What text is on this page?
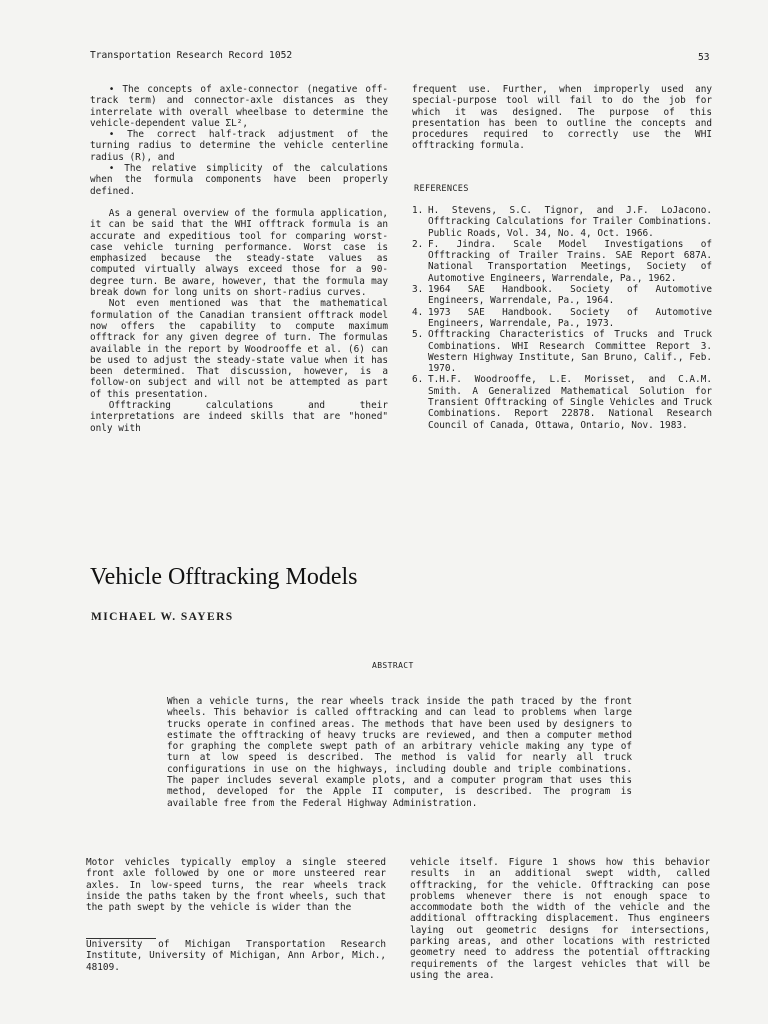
Transportation Research Record 1052	53

• The concepts of axle-connector (negative off-track term) and connector-axle distances as they interrelate with overall wheelbase to determine the vehicle-dependent value ΣL²,

• The correct half-track adjustment of the turning radius to determine the vehicle centerline radius (R), and

• The relative simplicity of the calculations when the formula components have been properly defined.

As a general overview of the formula application, it can be said that the WHI offtrack formula is an accurate and expeditious tool for comparing worst-case vehicle turning performance. Worst case is emphasized because the steady-state values as computed virtually always exceed those for a 90-degree turn. Be aware, however, that the formula may break down for long units on short-radius curves.

Not even mentioned was that the mathematical formulation of the Canadian transient offtrack model now offers the capability to compute maximum offtrack for any given degree of turn. The formulas available in the report by Woodrooffe et al. (6) can be used to adjust the steady-state value when it has been determined. That discussion, however, is a follow-on subject and will not be attempted as part of this presentation.

Offtracking calculations and their interpretations are indeed skills that are "honed" only with

frequent use. Further, when improperly used any special-purpose tool will fail to do the job for which it was designed. The purpose of this presentation has been to outline the concepts and procedures required to correctly use the WHI offtracking formula.

REFERENCES
1. H. Stevens, S.C. Tignor, and J.F. LoJacono. Offtracking Calculations for Trailer Combinations. Public Roads, Vol. 34, No. 4, Oct. 1966.
2. F. Jindra. Scale Model Investigations of Offtracking of Trailer Trains. SAE Report 687A. National Transportation Meetings, Society of Automotive Engineers, Warrendale, Pa., 1962.
3. 1964 SAE Handbook. Society of Automotive Engineers, Warrendale, Pa., 1964.
4. 1973 SAE Handbook. Society of Automotive Engineers, Warrendale, Pa., 1973.
5. Offtracking Characteristics of Trucks and Truck Combinations. WHI Research Committee Report 3. Western Highway Institute, San Bruno, Calif., Feb. 1970.
6. T.H.F. Woodrooffe, L.E. Morisset, and C.A.M. Smith. A Generalized Mathematical Solution for Transient Offtracking of Single Vehicles and Truck Combinations. Report 22878. National Research Council of Canada, Ottawa, Ontario, Nov. 1983.
Vehicle Offtracking Models
MICHAEL W. SAYERS
ABSTRACT
When a vehicle turns, the rear wheels track inside the path traced by the front wheels. This behavior is called offtracking and can lead to problems when large trucks operate in confined areas. The methods that have been used by designers to estimate the offtracking of heavy trucks are reviewed, and then a computer method for graphing the complete swept path of an arbitrary vehicle making any type of turn at low speed is described. The method is valid for nearly all truck configurations in use on the highways, including double and triple combinations. The paper includes several example plots, and a computer program that uses this method, developed for the Apple II computer, is described. The program is available free from the Federal Highway Administration.

Motor vehicles typically employ a single steered front axle followed by one or more unsteered rear axles. In low-speed turns, the rear wheels track inside the paths taken by the front wheels, such that the path swept by the vehicle is wider than the

vehicle itself. Figure 1 shows how this behavior results in an additional swept width, called offtracking, for the vehicle. Offtracking can pose problems whenever there is not enough space to accommodate both the width of the vehicle and the additional offtracking displacement. Thus engineers laying out geometric designs for intersections, parking areas, and other locations with restricted geometry need to address the potential offtracking requirements of the largest vehicles that will be using the area.

University of Michigan Transportation Research Institute, University of Michigan, Ann Arbor, Mich., 48109.
